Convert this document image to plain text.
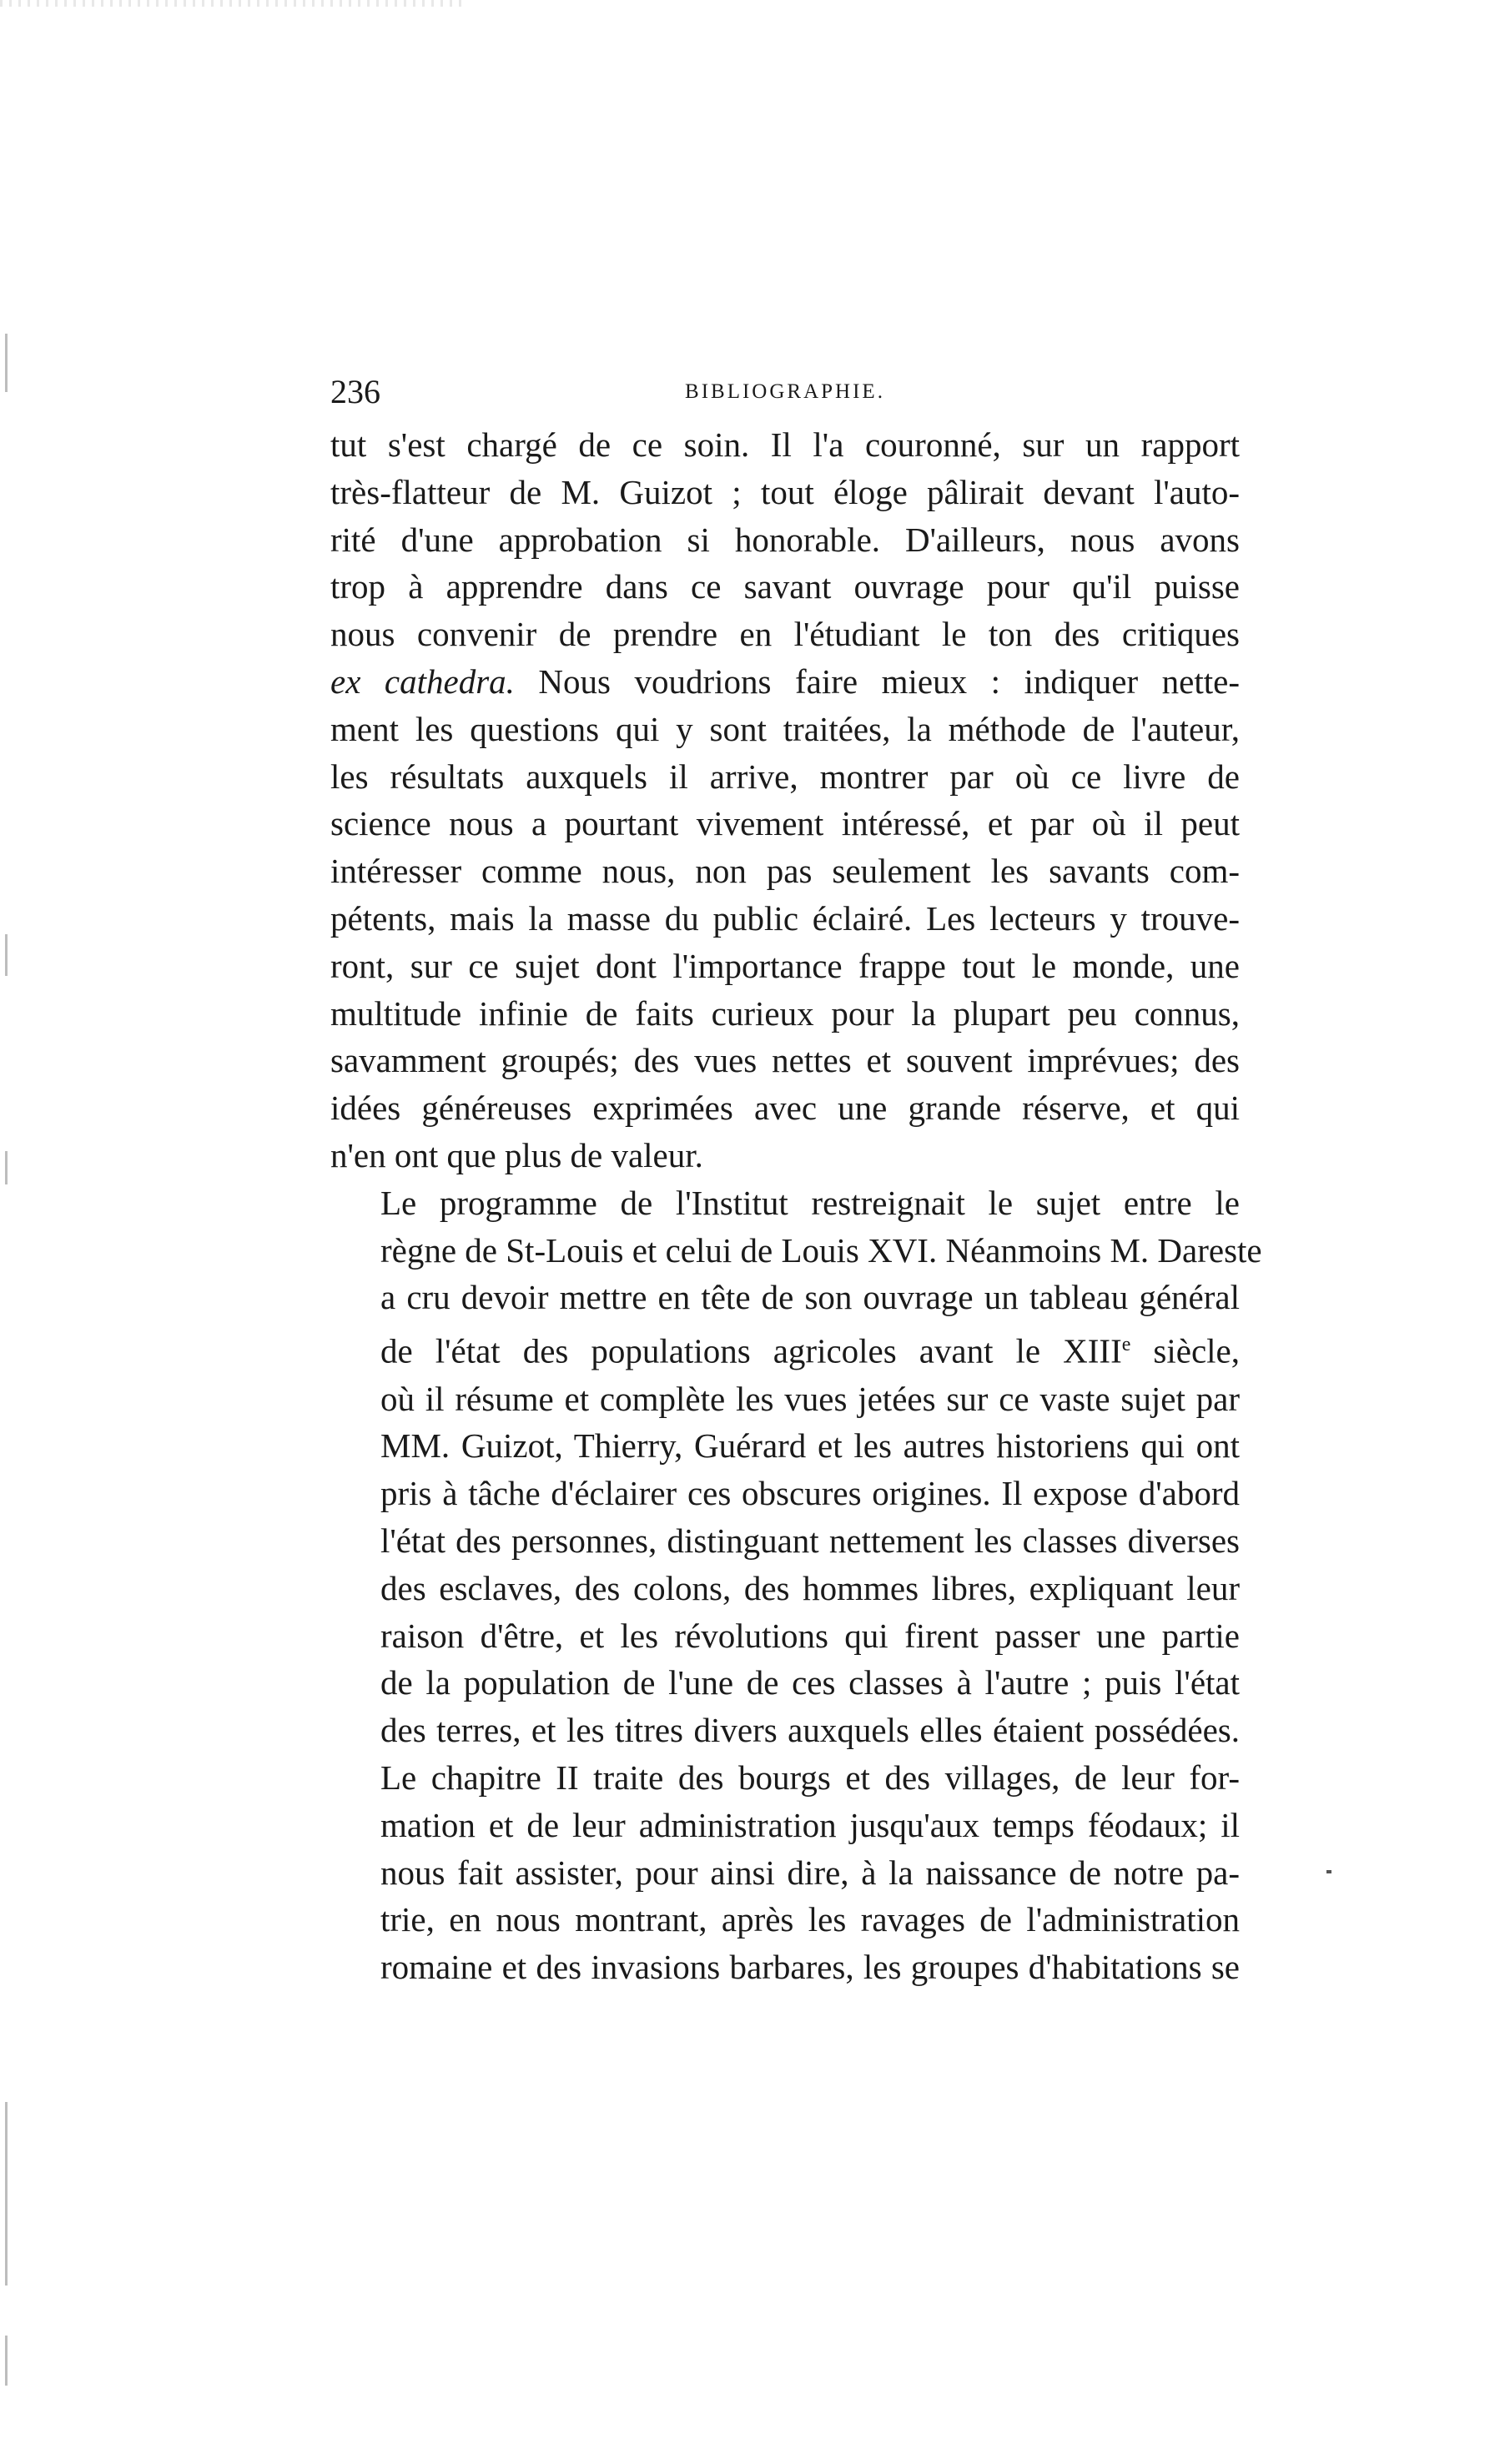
236	BIBLIOGRAPHIE.

tut s'est chargé de ce soin. Il l'a couronné, sur un rapport
très-flatteur de M. Guizot ; tout éloge pâlirait devant l'auto-
rité d'une approbation si honorable. D'ailleurs, nous avons
trop à apprendre dans ce savant ouvrage pour qu'il puisse
nous convenir de prendre en l'étudiant le ton des critiques
ex cathedra. Nous voudrions faire mieux : indiquer nette-
ment les questions qui y sont traitées, la méthode de l'auteur,
les résultats auxquels il arrive, montrer par où ce livre de
science nous a pourtant vivement intéressé, et par où il peut
intéresser comme nous, non pas seulement les savants com-
pétents, mais la masse du public éclairé. Les lecteurs y trouve-
ront, sur ce sujet dont l'importance frappe tout le monde, une
multitude infinie de faits curieux pour la plupart peu connus,
savamment groupés; des vues nettes et souvent imprévues; des
idées généreuses exprimées avec une grande réserve, et qui
n'en ont que plus de valeur.

Le programme de l'Institut restreignait le sujet entre le
règne de St-Louis et celui de Louis XVI. Néanmoins M. Dareste
a cru devoir mettre en tête de son ouvrage un tableau général
de l'état des populations agricoles avant le XIIIe siècle,
où il résume et complète les vues jetées sur ce vaste sujet par
MM. Guizot, Thierry, Guérard et les autres historiens qui ont
pris à tâche d'éclairer ces obscures origines. Il expose d'abord
l'état des personnes, distinguant nettement les classes diverses
des esclaves, des colons, des hommes libres, expliquant leur
raison d'être, et les révolutions qui firent passer une partie
de la population de l'une de ces classes à l'autre ; puis l'état
des terres, et les titres divers auxquels elles étaient possédées.
Le chapitre II traite des bourgs et des villages, de leur for-
mation et de leur administration jusqu'aux temps féodaux; il
nous fait assister, pour ainsi dire, à la naissance de notre pa-
trie, en nous montrant, après les ravages de l'administration
romaine et des invasions barbares, les groupes d'habitations se
